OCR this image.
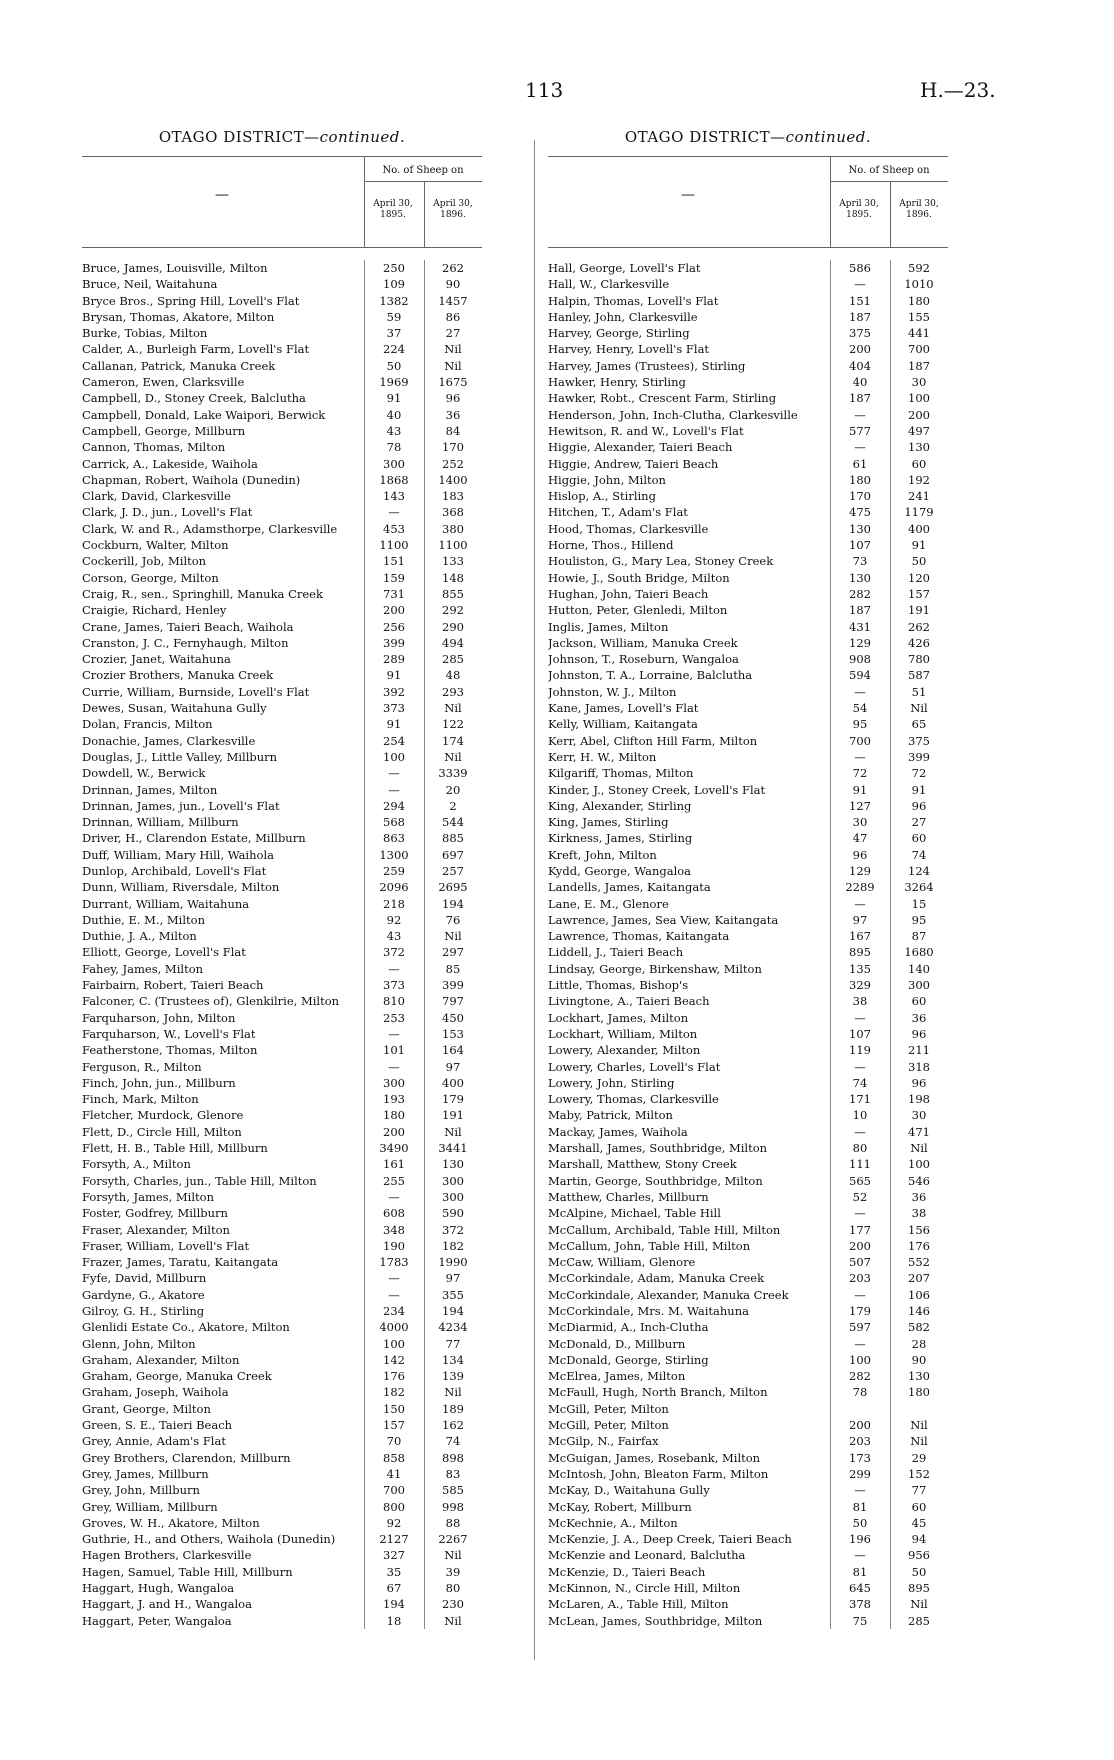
113	H.—23.
OTAGO DISTRICT—continued.
—
No. of Sheep on
April 30,
1895.
April 30,
1896.
Bruce, James, Louisville, Milton	250	262
Bruce, Neil, Waitahuna	109	90
Bryce Bros., Spring Hill, Lovell's Flat	1382	1457
Brysan, Thomas, Akatore, Milton	59	86
Burke, Tobias, Milton	37	27
Calder, A., Burleigh Farm, Lovell's Flat	224	Nil
Callanan, Patrick, Manuka Creek	50	Nil
Cameron, Ewen, Clarksville	1969	1675
Campbell, D., Stoney Creek, Balclutha	91	96
Campbell, Donald, Lake Waipori, Berwick	40	36
Campbell, George, Millburn	43	84
Cannon, Thomas, Milton	78	170
Carrick, A., Lakeside, Waihola	300	252
Chapman, Robert, Waihola (Dunedin)	1868	1400
Clark, David, Clarkesville	143	183
Clark, J. D., jun., Lovell's Flat	—	368
Clark, W. and R., Adamsthorpe, Clarkesville	453	380
Cockburn, Walter, Milton	1100	1100
Cockerill, Job, Milton	151	133
Corson, George, Milton	159	148
Craig, R., sen., Springhill, Manuka Creek	731	855
Craigie, Richard, Henley	200	292
Crane, James, Taieri Beach, Waihola	256	290
Cranston, J. C., Fernyhaugh, Milton	399	494
Crozier, Janet, Waitahuna	289	285
Crozier Brothers, Manuka Creek	91	48
Currie, William, Burnside, Lovell's Flat	392	293
Dewes, Susan, Waitahuna Gully	373	Nil
Dolan, Francis, Milton	91	122
Donachie, James, Clarkesville	254	174
Douglas, J., Little Valley, Millburn	100	Nil
Dowdell, W., Berwick	—	3339
Drinnan, James, Milton	—	20
Drinnan, James, jun., Lovell's Flat	294	2
Drinnan, William, Millburn	568	544
Driver, H., Clarendon Estate, Millburn	863	885
Duff, William, Mary Hill, Waihola	1300	697
Dunlop, Archibald, Lovell's Flat	259	257
Dunn, William, Riversdale, Milton	2096	2695
Durrant, William, Waitahuna	218	194
Duthie, E. M., Milton	92	76
Duthie, J. A., Milton	43	Nil
Elliott, George, Lovell's Flat	372	297
Fahey, James, Milton	—	85
Fairbairn, Robert, Taieri Beach	373	399
Falconer, C. (Trustees of), Glenkilrie, Milton	810	797
Farquharson, John, Milton	253	450
Farquharson, W., Lovell's Flat	—	153
Featherstone, Thomas, Milton	101	164
Ferguson, R., Milton	—	97
Finch, John, jun., Millburn	300	400
Finch, Mark, Milton	193	179
Fletcher, Murdock, Glenore	180	191
Flett, D., Circle Hill, Milton	200	Nil
Flett, H. B., Table Hill, Millburn	3490	3441
Forsyth, A., Milton	161	130
Forsyth, Charles, jun., Table Hill, Milton	255	300
Forsyth, James, Milton	—	300
Foster, Godfrey, Millburn	608	590
Fraser, Alexander, Milton	348	372
Fraser, William, Lovell's Flat	190	182
Frazer, James, Taratu, Kaitangata	1783	1990
Fyfe, David, Millburn	—	97
Gardyne, G., Akatore	—	355
Gilroy, G. H., Stirling	234	194
Glenlidi Estate Co., Akatore, Milton	4000	4234
Glenn, John, Milton	100	77
Graham, Alexander, Milton	142	134
Graham, George, Manuka Creek	176	139
Graham, Joseph, Waihola	182	Nil
Grant, George, Milton	150	189
Green, S. E., Taieri Beach	157	162
Grey, Annie, Adam's Flat	70	74
Grey Brothers, Clarendon, Millburn	858	898
Grey, James, Millburn	41	83
Grey, John, Millburn	700	585
Grey, William, Millburn	800	998
Groves, W. H., Akatore, Milton	92	88
Guthrie, H., and Others, Waihola (Dunedin)	2127	2267
Hagen Brothers, Clarkesville	327	Nil
Hagen, Samuel, Table Hill, Millburn	35	39
Haggart, Hugh, Wangaloa	67	80
Haggart, J. and H., Wangaloa	194	230
Haggart, Peter, Wangaloa	18	Nil
OTAGO DISTRICT—continued.
—
No. of Sheep on
April 30,
1895.
April 30,
1896.
Hall, George, Lovell's Flat	586	592
Hall, W., Clarkesville	—	1010
Halpin, Thomas, Lovell's Flat	151	180
Hanley, John, Clarkesville	187	155
Harvey, George, Stirling	375	441
Harvey, Henry, Lovell's Flat	200	700
Harvey, James (Trustees), Stirling	404	187
Hawker, Henry, Stirling	40	30
Hawker, Robt., Crescent Farm, Stirling	187	100
Henderson, John, Inch-Clutha, Clarkesville	—	200
Hewitson, R. and W., Lovell's Flat	577	497
Higgie, Alexander, Taieri Beach	—	130
Higgie, Andrew, Taieri Beach	61	60
Higgie, John, Milton	180	192
Hislop, A., Stirling	170	241
Hitchen, T., Adam's Flat	475	1179
Hood, Thomas, Clarkesville	130	400
Horne, Thos., Hillend	107	91
Houliston, G., Mary Lea, Stoney Creek	73	50
Howie, J., South Bridge, Milton	130	120
Hughan, John, Taieri Beach	282	157
Hutton, Peter, Glenledi, Milton	187	191
Inglis, James, Milton	431	262
Jackson, William, Manuka Creek	129	426
Johnson, T., Roseburn, Wangaloa	908	780
Johnston, T. A., Lorraine, Balclutha	594	587
Johnston, W. J., Milton	—	51
Kane, James, Lovell's Flat	54	Nil
Kelly, William, Kaitangata	95	65
Kerr, Abel, Clifton Hill Farm, Milton	700	375
Kerr, H. W., Milton	—	399
Kilgariff, Thomas, Milton	72	72
Kinder, J., Stoney Creek, Lovell's Flat	91	91
King, Alexander, Stirling	127	96
King, James, Stirling	30	27
Kirkness, James, Stirling	47	60
Kreft, John, Milton	96	74
Kydd, George, Wangaloa	129	124
Landells, James, Kaitangata	2289	3264
Lane, E. M., Glenore	—	15
Lawrence, James, Sea View, Kaitangata	97	95
Lawrence, Thomas, Kaitangata	167	87
Liddell, J., Taieri Beach	895	1680
Lindsay, George, Birkenshaw, Milton	135	140
Little, Thomas, Bishop's	329	300
Livingtone, A., Taieri Beach	38	60
Lockhart, James, Milton	—	36
Lockhart, William, Milton	107	96
Lowery, Alexander, Milton	119	211
Lowery, Charles, Lovell's Flat	—	318
Lowery, John, Stirling	74	96
Lowery, Thomas, Clarkesville	171	198
Maby, Patrick, Milton	10	30
Mackay, James, Waihola	—	471
Marshall, James, Southbridge, Milton	80	Nil
Marshall, Matthew, Stony Creek	111	100
Martin, George, Southbridge, Milton	565	546
Matthew, Charles, Millburn	52	36
McAlpine, Michael, Table Hill	—	38
McCallum, Archibald, Table Hill, Milton	177	156
McCallum, John, Table Hill, Milton	200	176
McCaw, William, Glenore	507	552
McCorkindale, Adam, Manuka Creek	203	207
McCorkindale, Alexander, Manuka Creek	—	106
McCorkindale, Mrs. M. Waitahuna	179	146
McDiarmid, A., Inch-Clutha	597	582
McDonald, D., Millburn	—	28
McDonald, George, Stirling	100	90
McElrea, James, Milton	282	130
McFaull, Hugh, North Branch, Milton	78	180
McGill, Peter, Milton
McGill, Peter, Milton	200	Nil
McGilp, N., Fairfax	203	Nil
McGuigan, James, Rosebank, Milton	173	29
McIntosh, John, Bleaton Farm, Milton	299	152
McKay, D., Waitahuna Gully	—	77
McKay, Robert, Millburn	81	60
McKechnie, A., Milton	50	45
McKenzie, J. A., Deep Creek, Taieri Beach	196	94
McKenzie and Leonard, Balclutha	—	956
McKenzie, D., Taieri Beach	81	50
McKinnon, N., Circle Hill, Milton	645	895
McLaren, A., Table Hill, Milton	378	Nil
McLean, James, Southbridge, Milton	75	285
